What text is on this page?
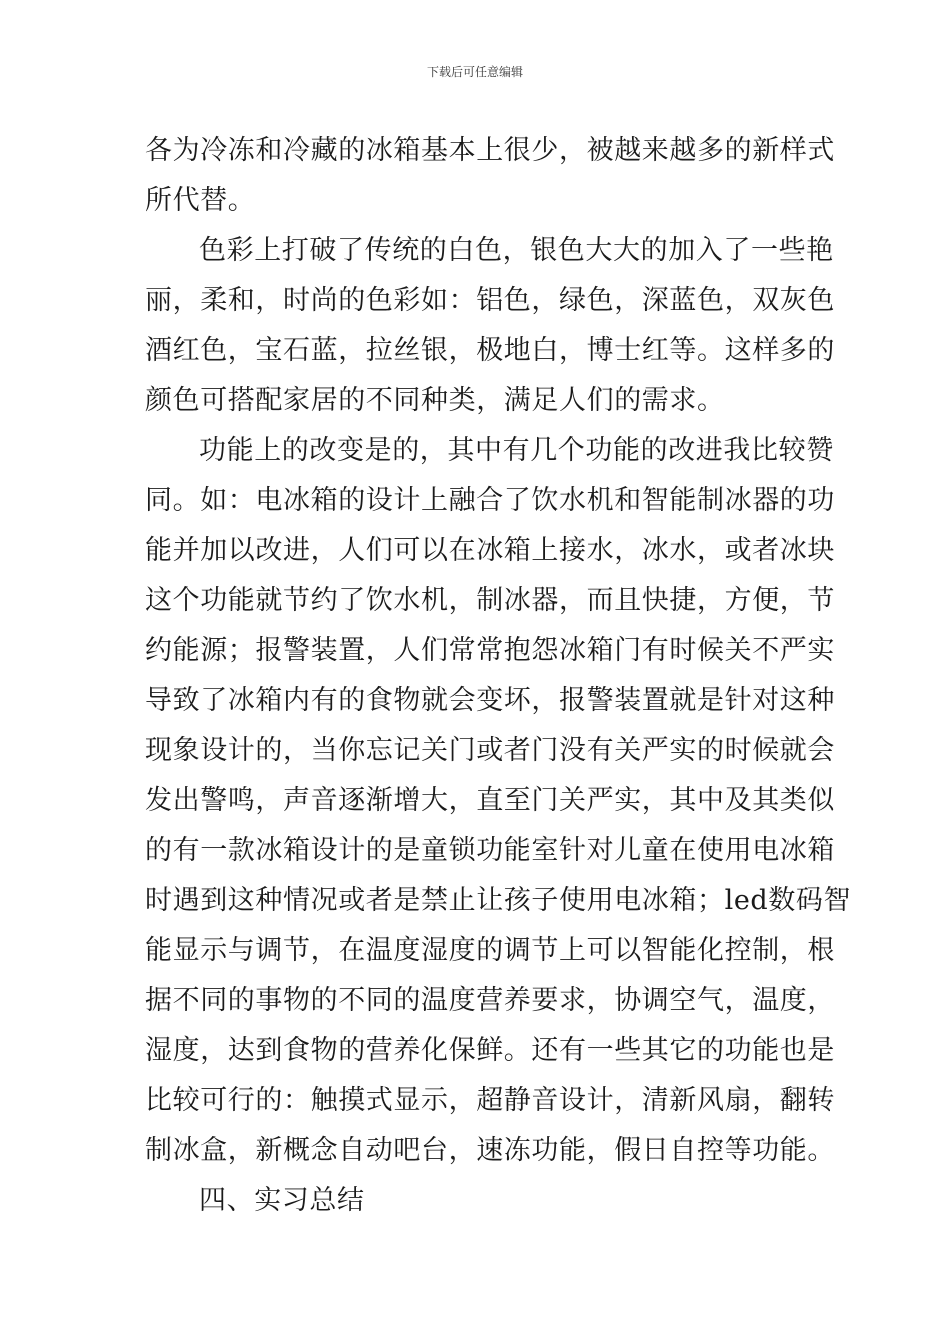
下载后可任意编辑
各为冷冻和冷藏的冰箱基本上很少，被越来越多的新样式
所代替。
色彩上打破了传统的白色，银色大大的加入了一些艳
丽，柔和，时尚的色彩如：铝色，绿色，深蓝色，双灰色
酒红色，宝石蓝，拉丝银，极地白，博士红等。这样多的
颜色可搭配家居的不同种类，满足人们的需求。
功能上的改变是的，其中有几个功能的改进我比较赞
同。如：电冰箱的设计上融合了饮水机和智能制冰器的功
能并加以改进，人们可以在冰箱上接水，冰水，或者冰块
这个功能就节约了饮水机，制冰器，而且快捷，方便，节
约能源；报警装置，人们常常抱怨冰箱门有时候关不严实
导致了冰箱内有的食物就会变坏，报警装置就是针对这种
现象设计的，当你忘记关门或者门没有关严实的时候就会
发出警鸣，声音逐渐增大，直至门关严实，其中及其类似
的有一款冰箱设计的是童锁功能室针对儿童在使用电冰箱
时遇到这种情况或者是禁止让孩子使用电冰箱；led数码智
能显示与调节，在温度湿度的调节上可以智能化控制，根
据不同的事物的不同的温度营养要求，协调空气，温度，
湿度，达到食物的营养化保鲜。还有一些其它的功能也是
比较可行的：触摸式显示，超静音设计，清新风扇，翻转
制冰盒，新概念自动吧台，速冻功能，假日自控等功能。
四、实习总结
